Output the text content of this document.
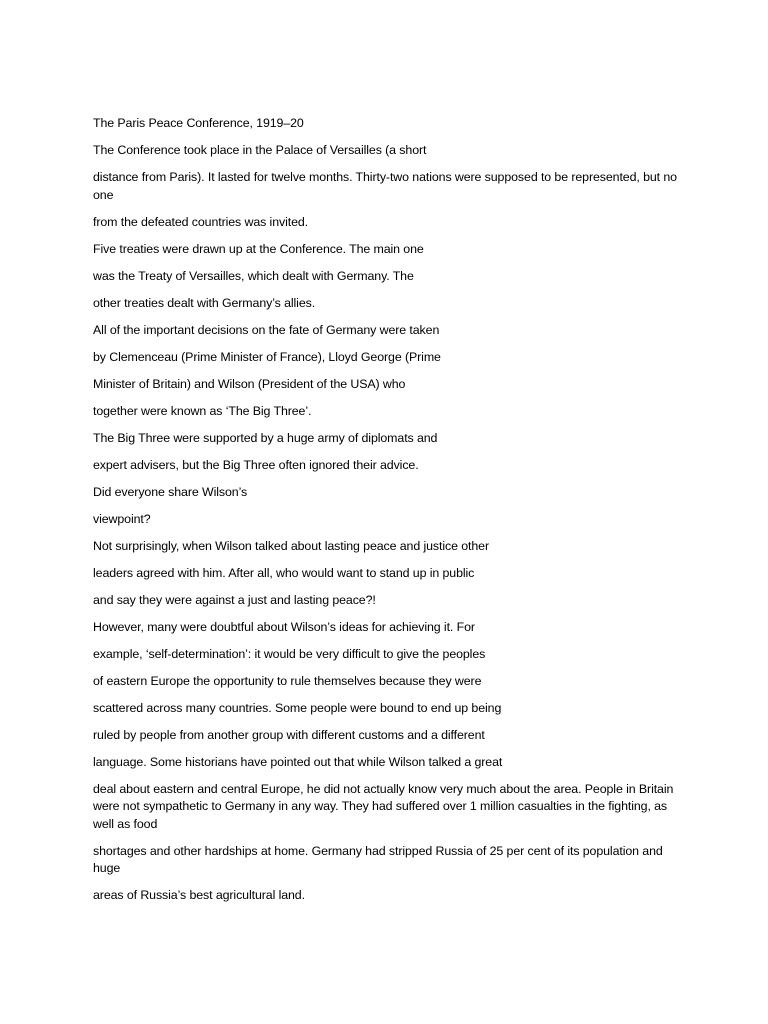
The Paris Peace Conference, 1919–20

The Conference took place in the Palace of Versailles (a short

distance from Paris). It lasted for twelve months. Thirty-two nations were supposed to be represented, but no one

from the defeated countries was invited.

Five treaties were drawn up at the Conference. The main one

was the Treaty of Versailles, which dealt with Germany. The

other treaties dealt with Germany’s allies.

All of the important decisions on the fate of Germany were taken

by Clemenceau (Prime Minister of France), Lloyd George (Prime

Minister of Britain) and Wilson (President of the USA) who

together were known as ‘The Big Three’.

The Big Three were supported by a huge army of diplomats and

expert advisers, but the Big Three often ignored their advice.

Did everyone share Wilson’s

viewpoint?

Not surprisingly, when Wilson talked about lasting peace and justice other

leaders agreed with him. After all, who would want to stand up in public

and say they were against a just and lasting peace?!

However, many were doubtful about Wilson’s ideas for achieving it. For

example, ‘self-determination’: it would be very difficult to give the peoples

of eastern Europe the opportunity to rule themselves because they were

scattered across many countries. Some people were bound to end up being

ruled by people from another group with different customs and a different

language. Some historians have pointed out that while Wilson talked a great

deal about eastern and central Europe, he did not actually know very much about the area. People in Britain were not sympathetic to Germany in any way. They had suffered over 1 million casualties in the fighting, as well as food

shortages and other hardships at home. Germany had stripped Russia of 25 per cent of its population and huge

areas of Russia’s best agricultural land.
